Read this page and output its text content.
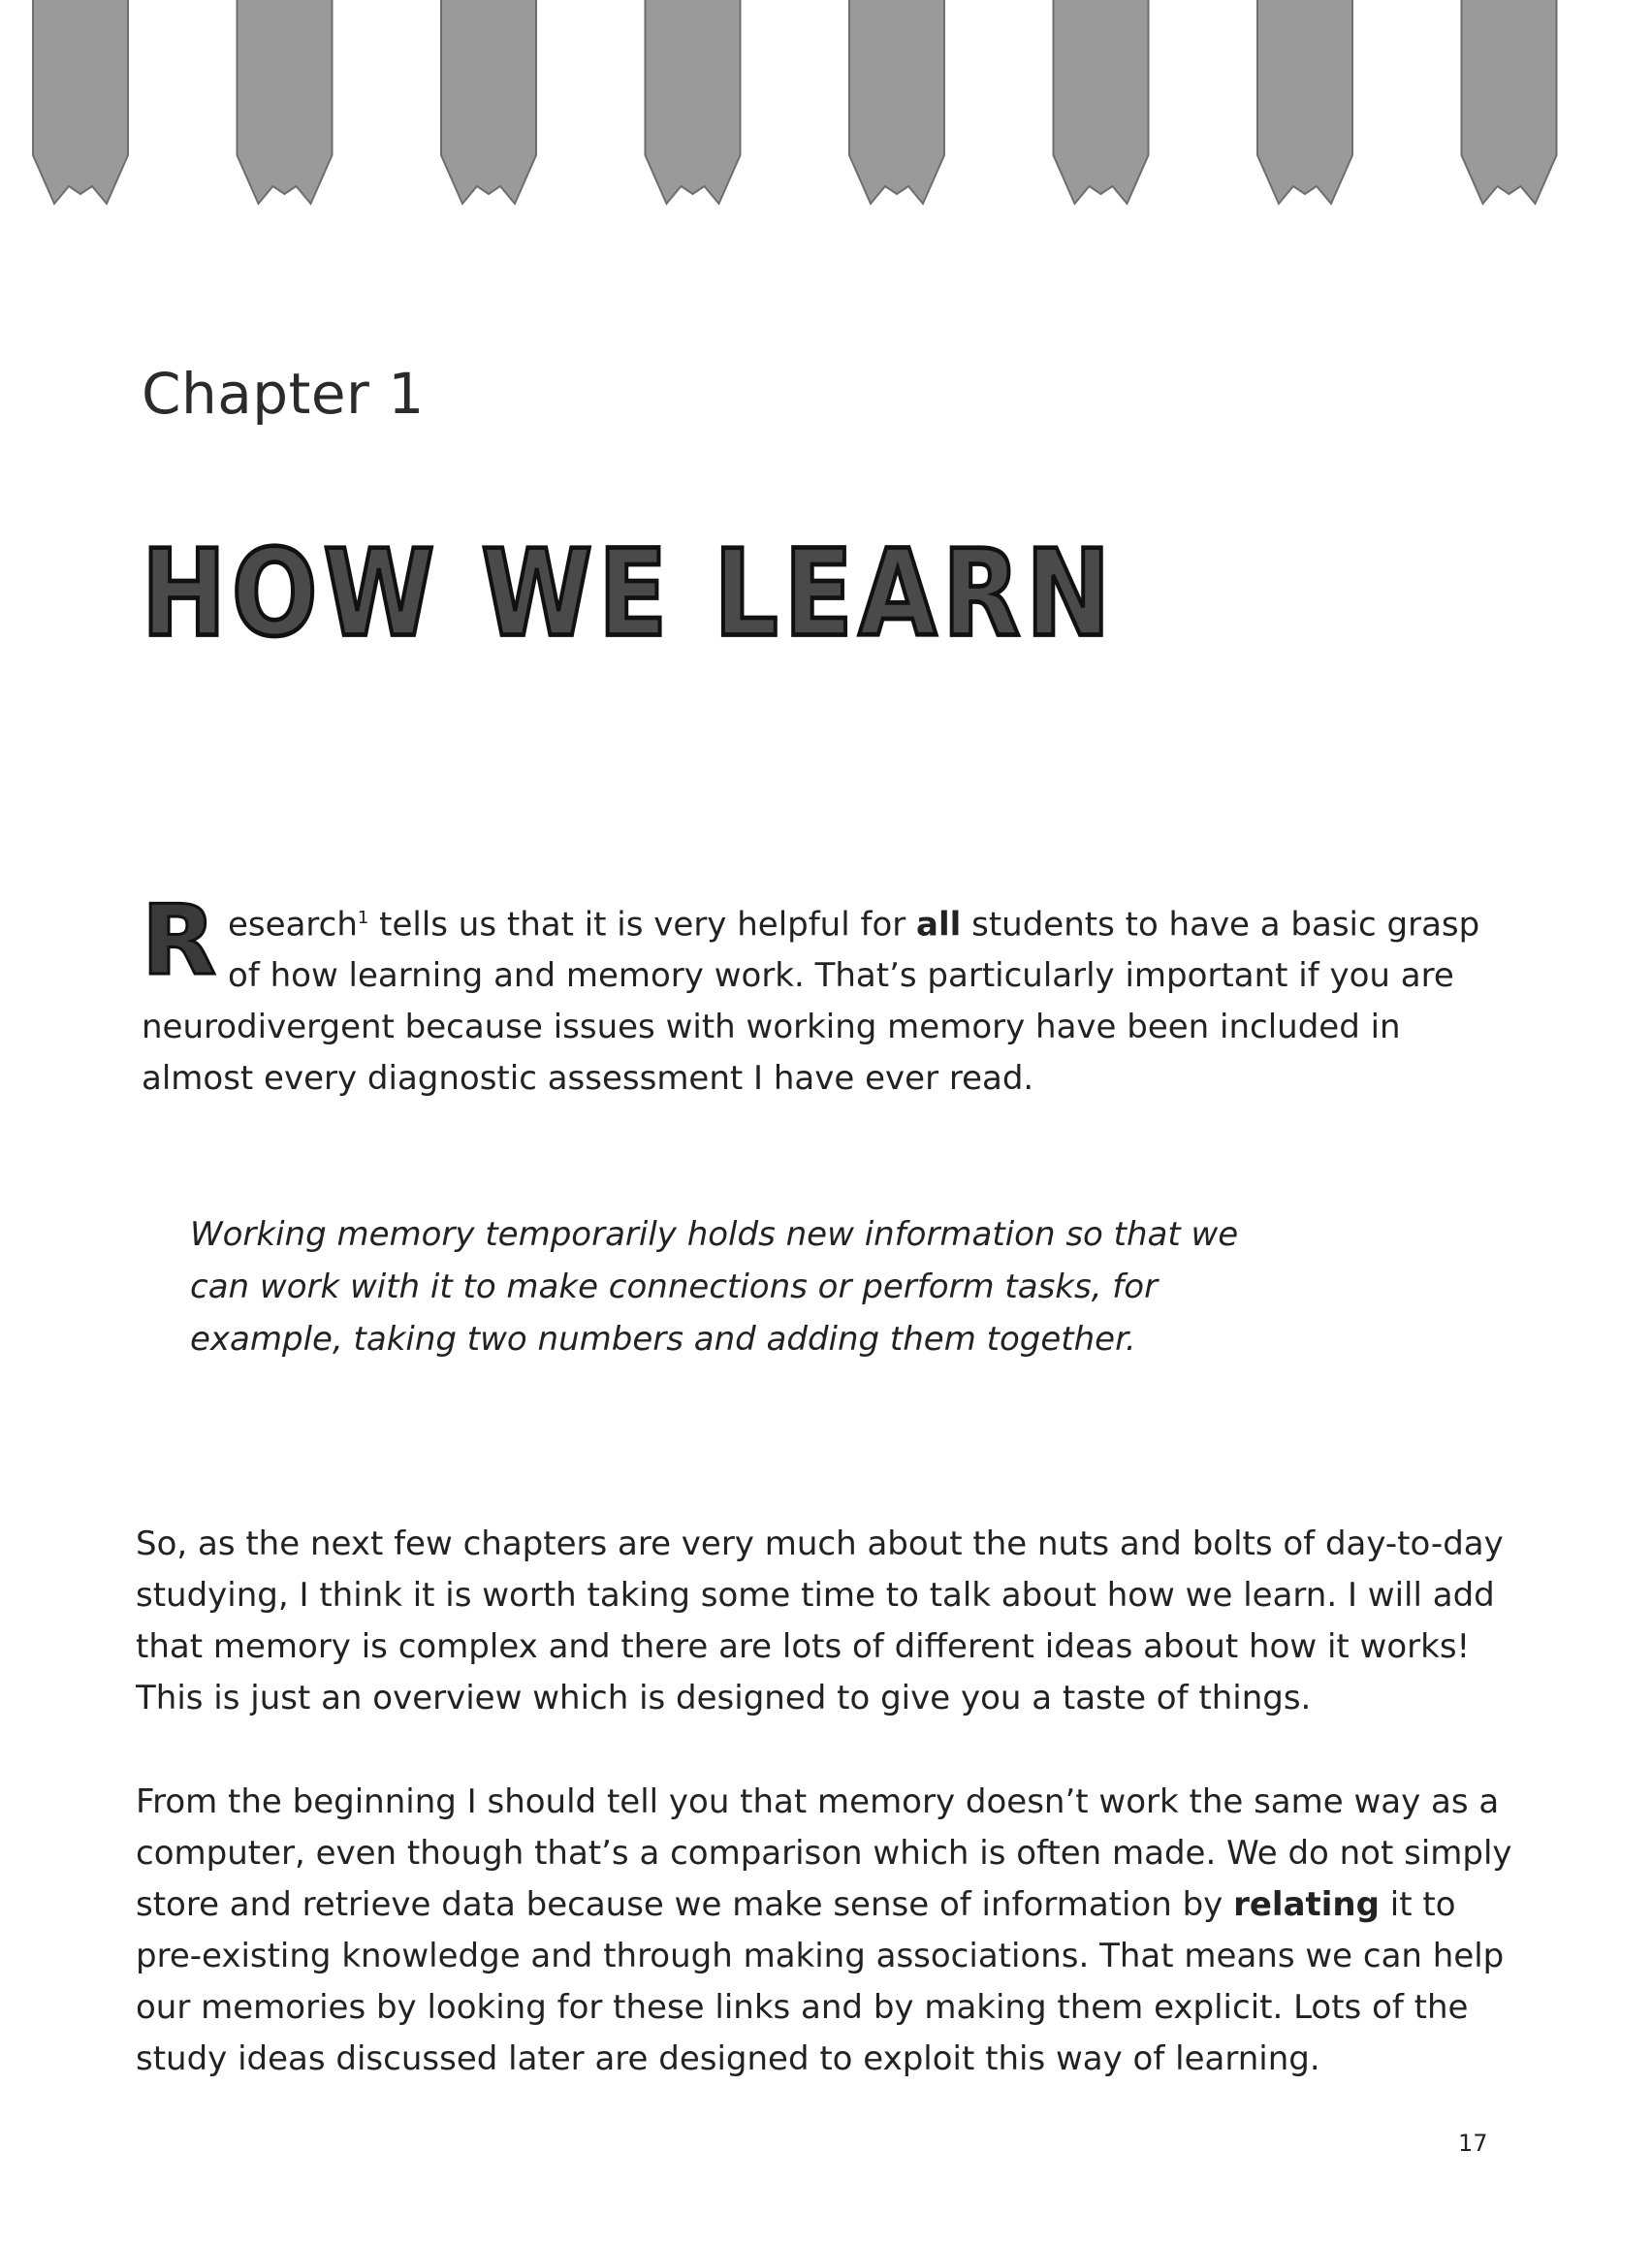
Chapter 1
HOW WE LEARN

Research$^1$ tells us that it is very helpful for all students to have a basic grasp of how learning and memory work. That’s particularly important if you are neurodivergent because issues with working memory have been included in almost every diagnostic assessment I have ever read.

Working memory temporarily holds new information so that we can work with it to make connections or perform tasks, for example, taking two numbers and adding them together.

So, as the next few chapters are very much about the nuts and bolts of day-to-day studying, I think it is worth taking some time to talk about how we learn. I will add that memory is complex and there are lots of different ideas about how it works! This is just an overview which is designed to give you a taste of things.

From the beginning I should tell you that memory doesn’t work the same way as a computer, even though that’s a comparison which is often made. We do not simply store and retrieve data because we make sense of information by relating it to pre-existing knowledge and through making associations. That means we can help our memories by looking for these links and by making them explicit. Lots of the study ideas discussed later are designed to exploit this way of learning.

17
